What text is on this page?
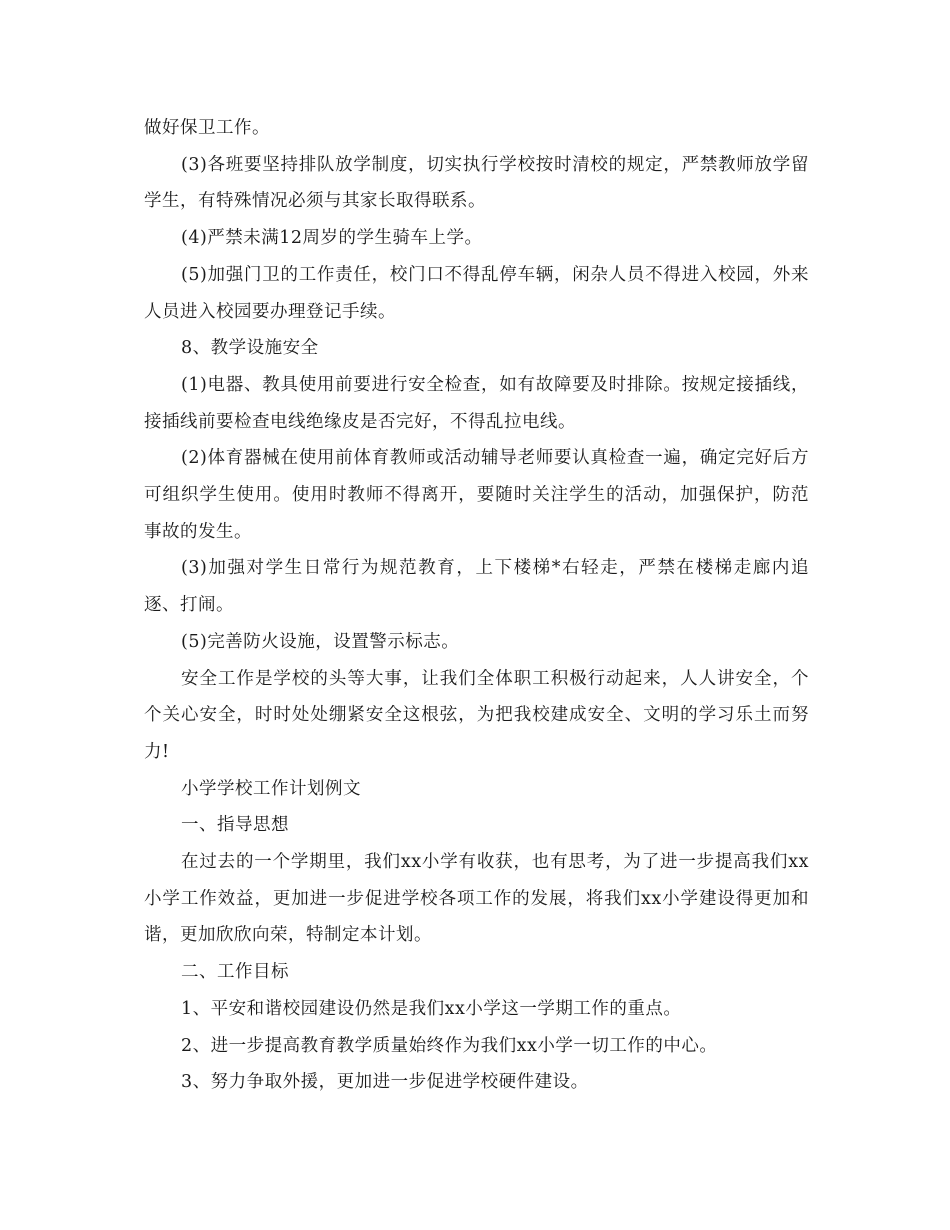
做好保卫工作。

(3)各班要坚持排队放学制度，切实执行学校按时清校的规定，严禁教师放学留学生，有特殊情况必须与其家长取得联系。

(4)严禁未满12周岁的学生骑车上学。

(5)加强门卫的工作责任，校门口不得乱停车辆，闲杂人员不得进入校园，外来人员进入校园要办理登记手续。

8、教学设施安全

(1)电器、教具使用前要进行安全检查，如有故障要及时排除。按规定接插线，接插线前要检查电线绝缘皮是否完好，不得乱拉电线。

(2)体育器械在使用前体育教师或活动辅导老师要认真检查一遍，确定完好后方可组织学生使用。使用时教师不得离开，要随时关注学生的活动，加强保护，防范事故的发生。

(3)加强对学生日常行为规范教育，上下楼梯*右轻走，严禁在楼梯走廊内追逐、打闹。

(5)完善防火设施，设置警示标志。

安全工作是学校的头等大事，让我们全体职工积极行动起来，人人讲安全，个个关心安全，时时处处绷紧安全这根弦，为把我校建成安全、文明的学习乐土而努力!

小学学校工作计划例文

一、指导思想

在过去的一个学期里，我们xx小学有收获，也有思考，为了进一步提高我们xx小学工作效益，更加进一步促进学校各项工作的发展，将我们xx小学建设得更加和谐，更加欣欣向荣，特制定本计划。

二、工作目标

1、平安和谐校园建设仍然是我们xx小学这一学期工作的重点。

2、进一步提高教育教学质量始终作为我们xx小学一切工作的中心。

3、努力争取外援，更加进一步促进学校硬件建设。
